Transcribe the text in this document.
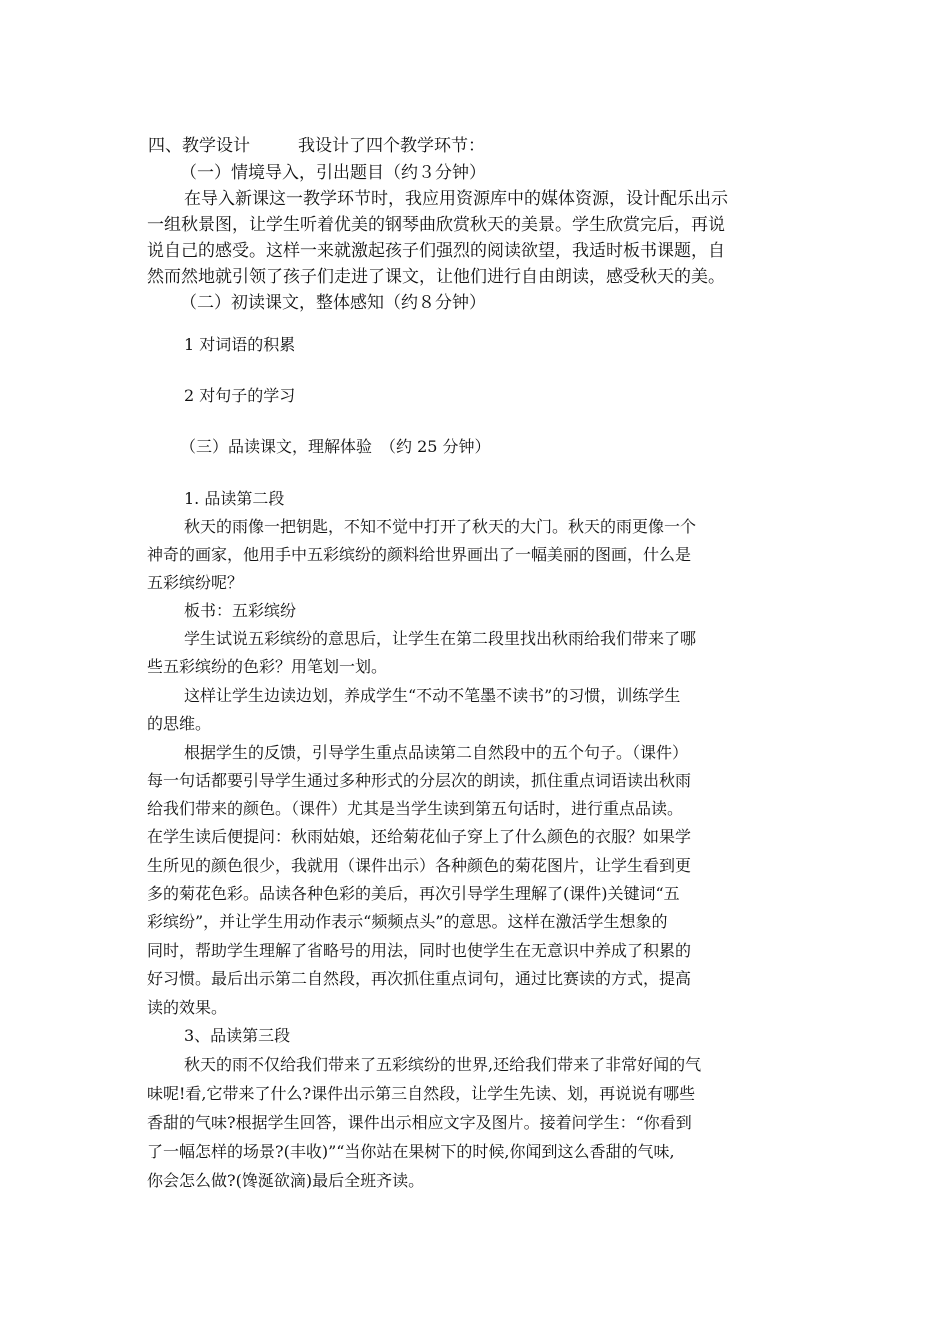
四、教学设计	我设计了四个教学环节：

（一）情境导入，引出题目（约３分钟）

在导入新课这一教学环节时，我应用资源库中的媒体资源，设计配乐出示

一组秋景图，让学生听着优美的钢琴曲欣赏秋天的美景。学生欣赏完后，再说

说自己的感受。这样一来就激起孩子们强烈的阅读欲望，我适时板书课题，自

然而然地就引领了孩子们走进了课文，让他们进行自由朗读，感受秋天的美。

（二）初读课文，整体感知（约８分钟）

1 对词语的积累

2 对句子的学习

（三）品读课文，理解体验　（约 25 分钟）

1. 品读第二段

秋天的雨像一把钥匙，不知不觉中打开了秋天的大门。秋天的雨更像一个

神奇的画家，他用手中五彩缤纷的颜料给世界画出了一幅美丽的图画，什么是

五彩缤纷呢？

板书：五彩缤纷

学生试说五彩缤纷的意思后，让学生在第二段里找出秋雨给我们带来了哪

些五彩缤纷的色彩？用笔划一划。

这样让学生边读边划，养成学生“不动不笔墨不读书”的习惯，训练学生

的思维。

根据学生的反馈，引导学生重点品读第二自然段中的五个句子。（课件）

每一句话都要引导学生通过多种形式的分层次的朗读，抓住重点词语读出秋雨

给我们带来的颜色。（课件）尤其是当学生读到第五句话时，进行重点品读。

在学生读后便提问：秋雨姑娘，还给菊花仙子穿上了什么颜色的衣服？如果学

生所见的颜色很少，我就用（课件出示）各种颜色的菊花图片，让学生看到更

多的菊花色彩。品读各种色彩的美后，再次引导学生理解了(课件)关键词“五

彩缤纷”，并让学生用动作表示“频频点头”的意思。这样在激活学生想象的

同时，帮助学生理解了省略号的用法，同时也使学生在无意识中养成了积累的

好习惯。最后出示第二自然段，再次抓住重点词句，通过比赛读的方式，提高

读的效果。

3、品读第三段

秋天的雨不仅给我们带来了五彩缤纷的世界,还给我们带来了非常好闻的气

味呢!看,它带来了什么?课件出示第三自然段，让学生先读、划，再说说有哪些

香甜的气味?根据学生回答，课件出示相应文字及图片。接着问学生：“你看到

了一幅怎样的场景?(丰收)”“当你站在果树下的时候,你闻到这么香甜的气味,

你会怎么做?(馋涎欲滴)最后全班齐读。
